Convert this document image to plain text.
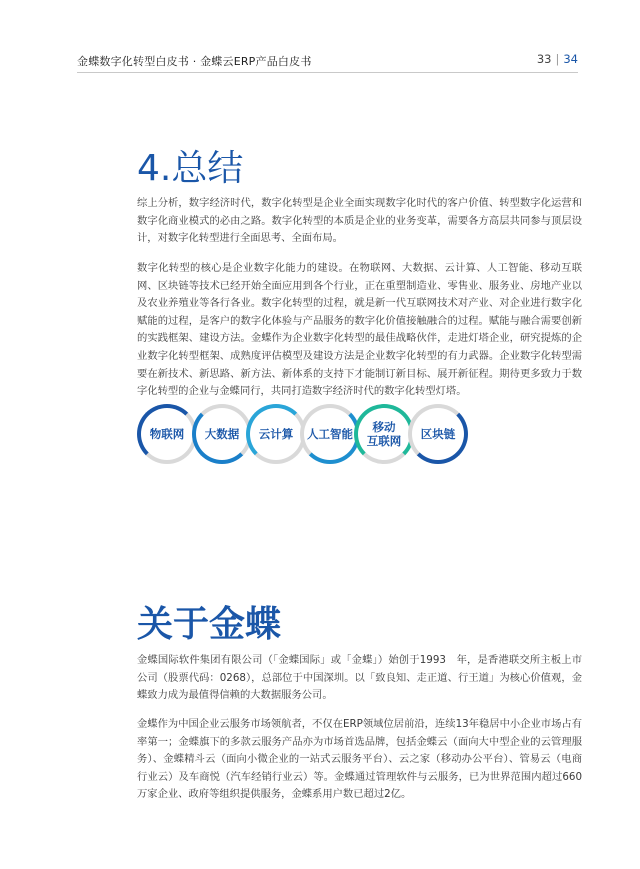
金蝶数字化转型白皮书 · 金蝶云ERP产品白皮书	33 | 34
4.总结

综上分析，数字经济时代，数字化转型是企业全面实现数字化时代的客户价值、转型数字化运营和数字化商业模式的必由之路。数字化转型的本质是企业的业务变革，需要各方高层共同参与顶层设计，对数字化转型进行全面思考、全面布局。

数字化转型的核心是企业数字化能力的建设。在物联网、大数据、云计算、人工智能、移动互联网、区块链等技术已经开始全面应用到各个行业，正在重塑制造业、零售业、服务业、房地产业以及农业养殖业等各行各业。数字化转型的过程，就是新一代互联网技术对产业、对企业进行数字化赋能的过程，是客户的数字化体验与产品服务的数字化价值接触融合的过程。赋能与融合需要创新的实践框架、建设方法。金蝶作为企业数字化转型的最佳战略伙伴，走进灯塔企业，研究提炼的企业数字化转型框架、成熟度评估模型及建设方法是企业数字化转型的有力武器。企业数字化转型需要在新技术、新思路、新方法、新体系的支持下才能制订新目标、展开新征程。期待更多致力于数字化转型的企业与金蝶同行，共同打造数字经济时代的数字化转型灯塔。

物联网 大数据 云计算 人工智能	移动
互联网 区块链
关于金蝶

金蝶国际软件集团有限公司（「金蝶国际」或「金蝶」）始创于1993　年，是香港联交所主板上市公司（股票代码：0268），总部位于中国深圳。以「致良知、走正道、行王道」为核心价值观，金蝶致力成为最值得信赖的大数据服务公司。

金蝶作为中国企业云服务市场领航者，不仅在ERP领域位居前沿，连续13年稳居中小企业市场占有率第一；金蝶旗下的多款云服务产品亦为市场首选品牌，包括金蝶云（面向大中型企业的云管理服务）、金蝶精斗云（面向小微企业的一站式云服务平台）、云之家（移动办公平台）、管易云（电商行业云）及车商悦（汽车经销行业云）等。金蝶通过管理软件与云服务，已为世界范围内超过660万家企业、政府等组织提供服务，金蝶系用户数已超过2亿。
